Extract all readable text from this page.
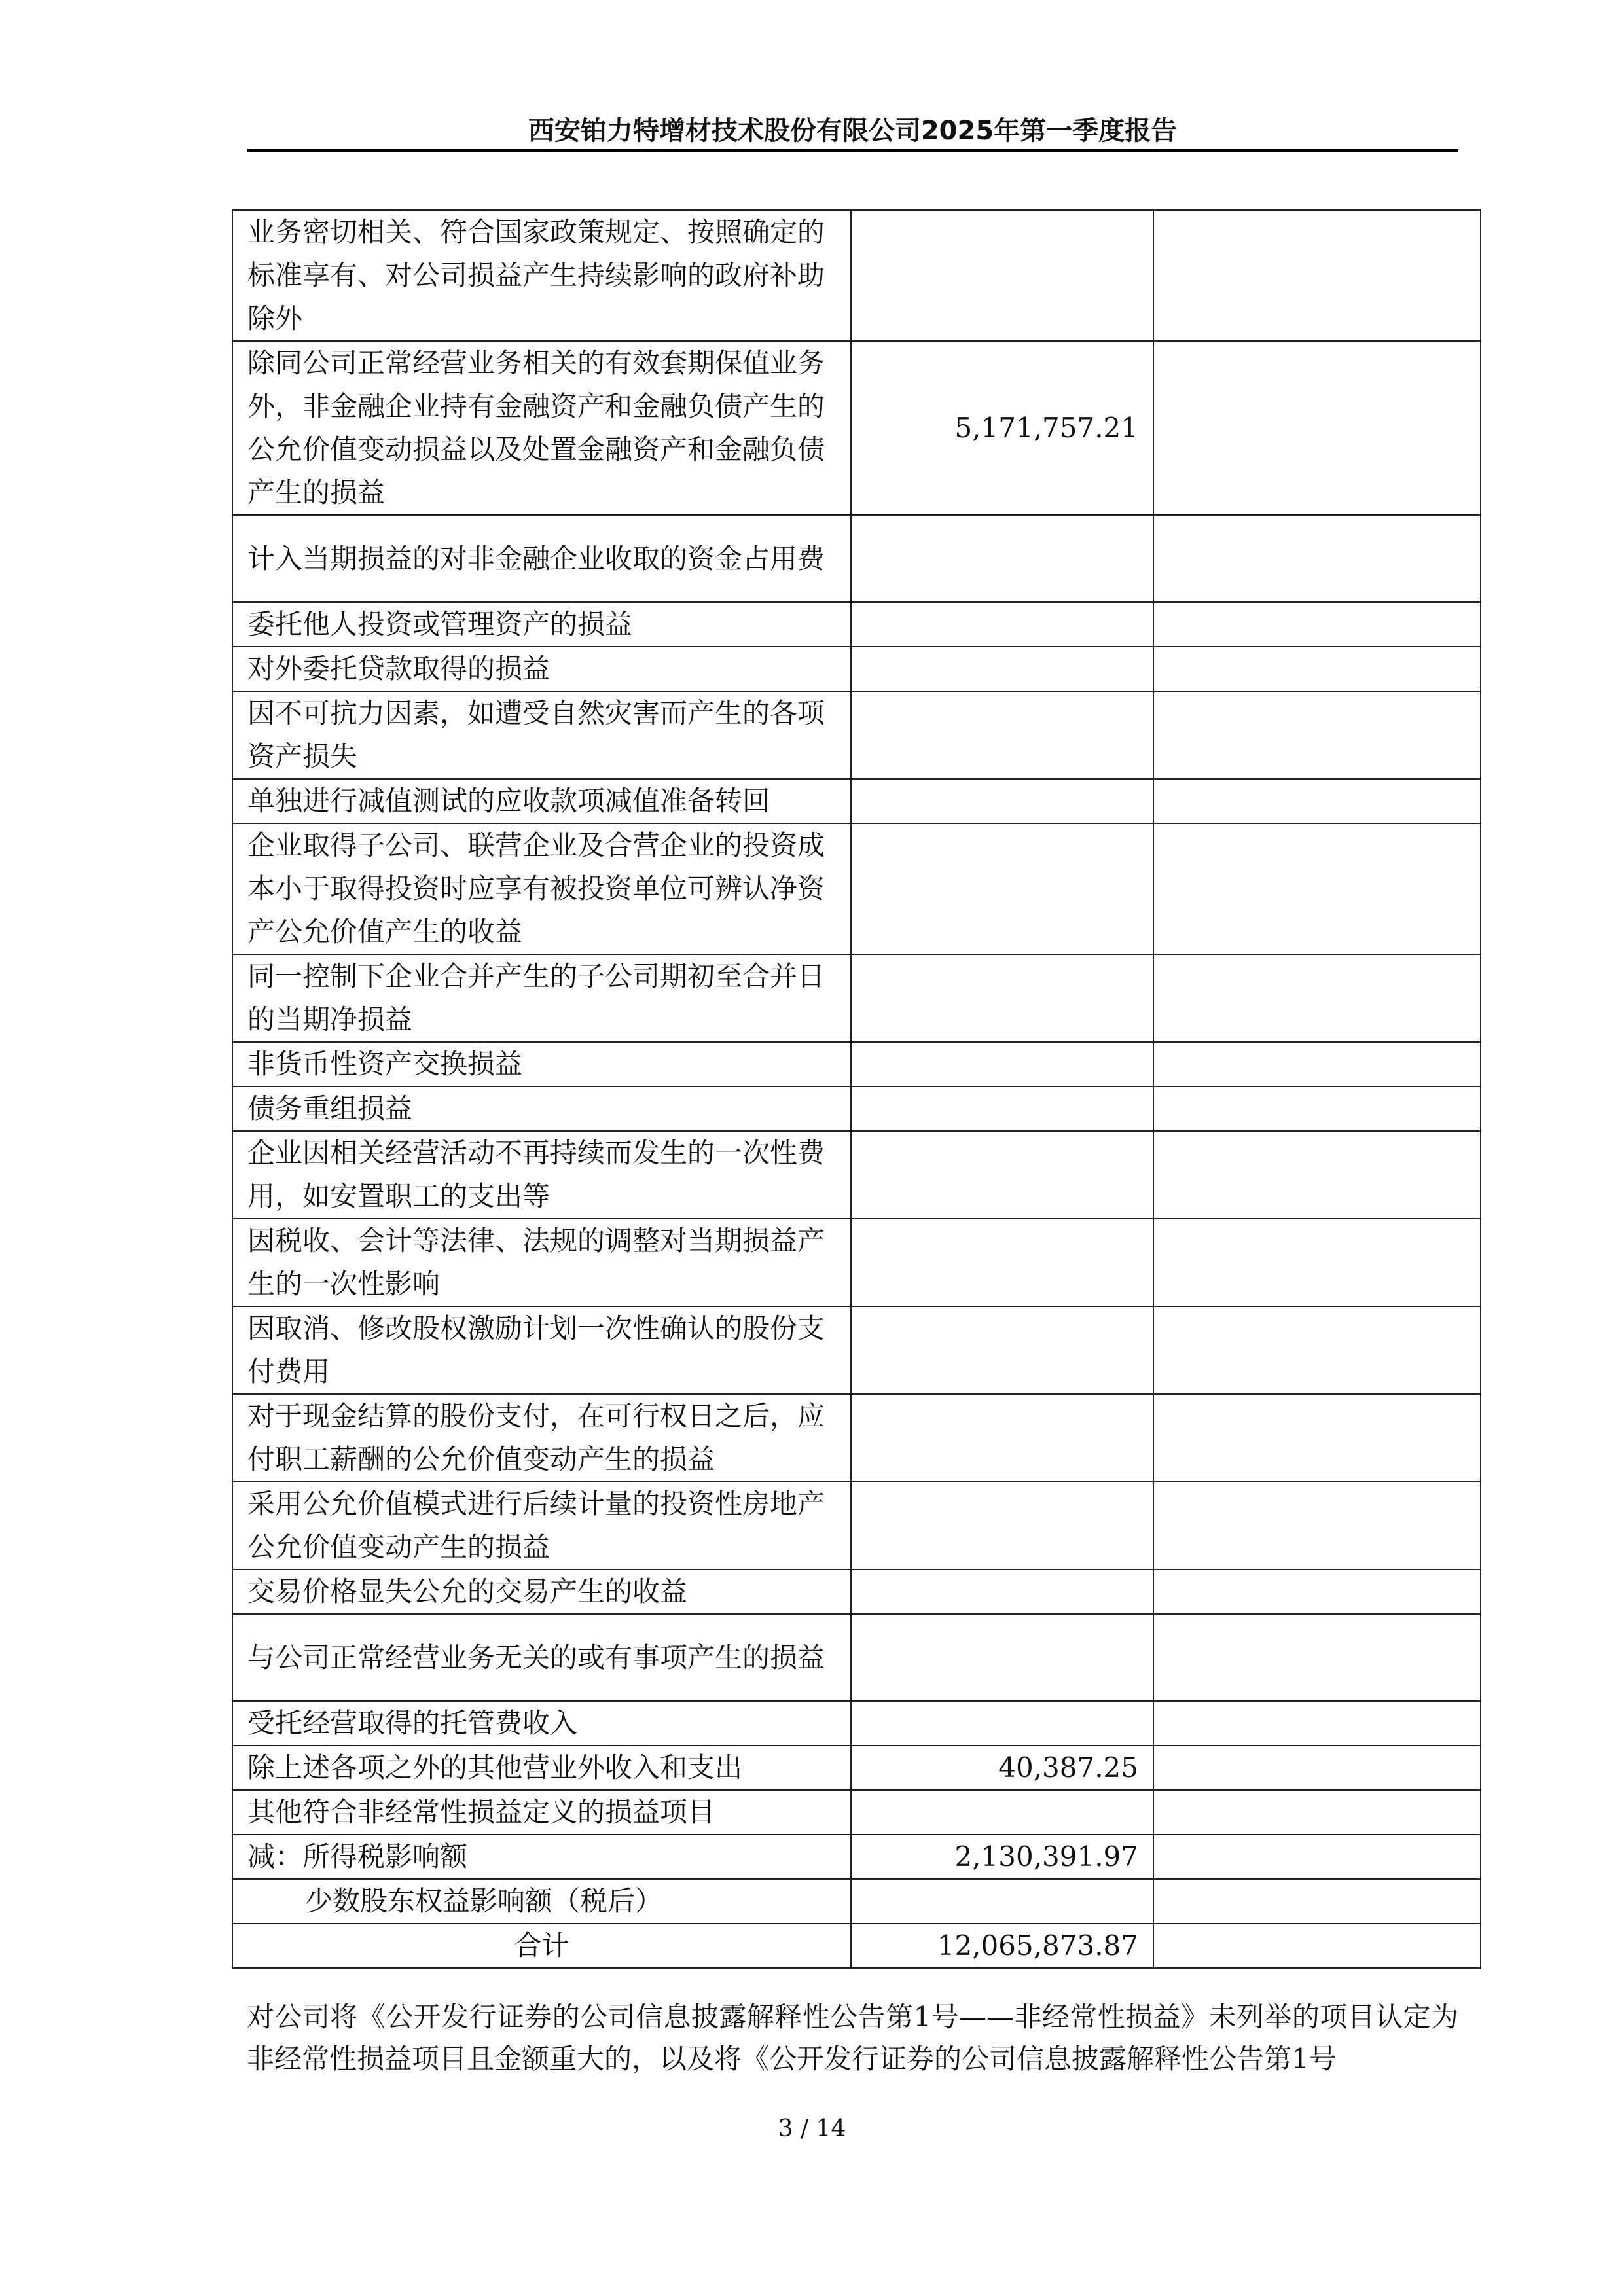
西安铂力特增材技术股份有限公司2025年第一季度报告
业务密切相关、符合国家政策规定、按照确定的标准享有、对公司损益产生持续影响的政府补助除外		
除同公司正常经营业务相关的有效套期保值业务外，非金融企业持有金融资产和金融负债产生的公允价值变动损益以及处置金融资产和金融负债产生的损益	5,171,757.21	
计入当期损益的对非金融企业收取的资金占用费		
委托他人投资或管理资产的损益		
对外委托贷款取得的损益		
因不可抗力因素，如遭受自然灾害而产生的各项资产损失		
单独进行减值测试的应收款项减值准备转回		
企业取得子公司、联营企业及合营企业的投资成本小于取得投资时应享有被投资单位可辨认净资产公允价值产生的收益		
同一控制下企业合并产生的子公司期初至合并日的当期净损益		
非货币性资产交换损益		
债务重组损益		
企业因相关经营活动不再持续而发生的一次性费用，如安置职工的支出等		
因税收、会计等法律、法规的调整对当期损益产生的一次性影响		
因取消、修改股权激励计划一次性确认的股份支付费用		
对于现金结算的股份支付，在可行权日之后，应付职工薪酬的公允价值变动产生的损益		
采用公允价值模式进行后续计量的投资性房地产公允价值变动产生的损益		
交易价格显失公允的交易产生的收益		
与公司正常经营业务无关的或有事项产生的损益		
受托经营取得的托管费收入		
除上述各项之外的其他营业外收入和支出	40,387.25	
其他符合非经常性损益定义的损益项目		
减：所得税影响额	2,130,391.97	
少数股东权益影响额（税后）		
合计	12,065,873.87	
对公司将《公开发行证券的公司信息披露解释性公告第1号——非经常性损益》未列举的项目认定为非经常性损益项目且金额重大的，以及将《公开发行证券的公司信息披露解释性公告第1号
3 / 14
